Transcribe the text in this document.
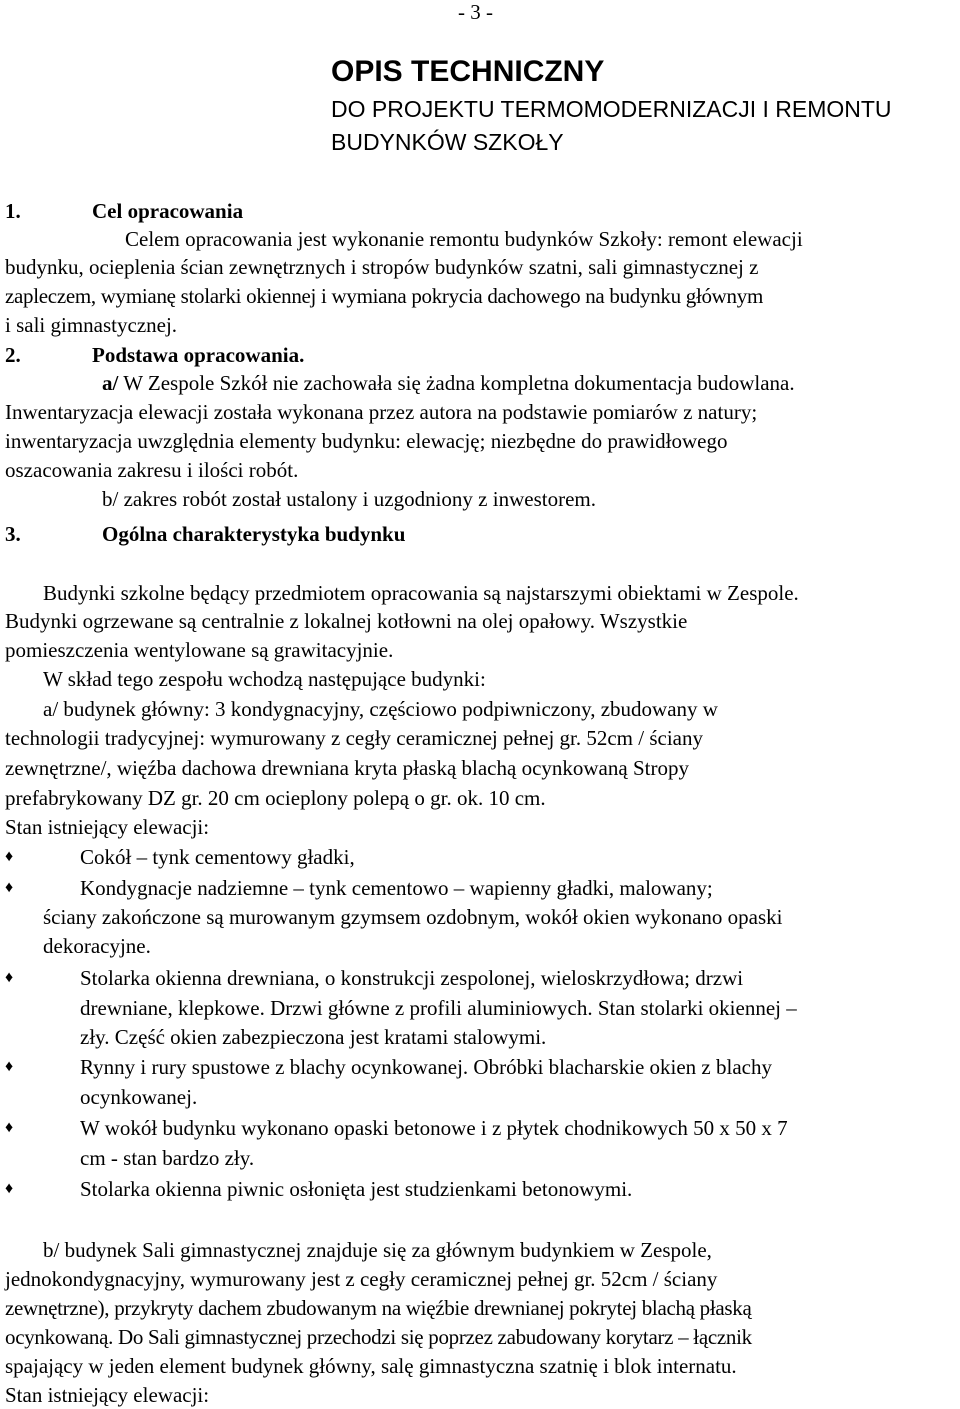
- 3 -
OPIS TECHNICZNY
DO PROJEKTU TERMOMODERNIZACJI I REMONTU
BUDYNKÓW SZKOŁY
1.	Cel opracowania
Celem opracowania jest wykonanie remontu budynków Szkoły: remont elewacji
budynku, ocieplenia ścian zewnętrznych i stropów budynków szatni, sali gimnastycznej z
zapleczem, wymianę stolarki okiennej i wymiana pokrycia dachowego na budynku głównym
i sali gimnastycznej.
2.	Podstawa opracowania.
a/ W Zespole Szkół nie zachowała się żadna kompletna dokumentacja budowlana.
Inwentaryzacja elewacji została wykonana przez autora na podstawie pomiarów z natury;
inwentaryzacja uwzględnia elementy budynku: elewację; niezbędne do prawidłowego
oszacowania zakresu i ilości robót.
b/ zakres robót został ustalony i uzgodniony z inwestorem.
3.	Ogólna charakterystyka budynku
Budynki szkolne będący przedmiotem opracowania są najstarszymi obiektami w Zespole.
Budynki ogrzewane są centralnie z lokalnej kotłowni na olej opałowy. Wszystkie
pomieszczenia wentylowane są grawitacyjnie.
W skład tego zespołu wchodzą następujące budynki:
a/ budynek główny: 3 kondygnacyjny, częściowo podpiwniczony, zbudowany w
technologii tradycyjnej: wymurowany z cegły ceramicznej pełnej gr. 52cm / ściany
zewnętrzne/, więźba dachowa drewniana kryta płaską blachą ocynkowaną Stropy
prefabrykowany DZ gr. 20 cm ocieplony polepą o gr. ok. 10 cm.
Stan istniejący elewacji:
♦	Cokół – tynk cementowy gładki,
♦	Kondygnacje nadziemne – tynk cementowo – wapienny gładki, malowany;
ściany zakończone są murowanym gzymsem ozdobnym, wokół okien wykonano opaski
dekoracyjne.
♦	Stolarka okienna drewniana, o konstrukcji zespolonej, wieloskrzydłowa; drzwi
drewniane, klepkowe. Drzwi główne z profili aluminiowych. Stan stolarki okiennej –
zły. Część okien zabezpieczona jest kratami stalowymi.
♦	Rynny i rury spustowe z blachy ocynkowanej. Obróbki blacharskie okien z blachy
ocynkowanej.
♦	W wokół budynku wykonano opaski betonowe i z płytek chodnikowych 50 x 50 x 7
cm - stan bardzo zły.
♦	Stolarka okienna piwnic osłonięta jest studzienkami betonowymi.
b/ budynek Sali gimnastycznej znajduje się za głównym budynkiem w Zespole,
jednokondygnacyjny, wymurowany jest z cegły ceramicznej pełnej gr. 52cm / ściany
zewnętrzne), przykryty dachem zbudowanym na więźbie drewnianej pokrytej blachą płaską
ocynkowaną. Do Sali gimnastycznej przechodzi się poprzez zabudowany korytarz – łącznik
spajający w jeden element budynek główny, salę gimnastyczna szatnię i blok internatu.
Stan istniejący elewacji:
